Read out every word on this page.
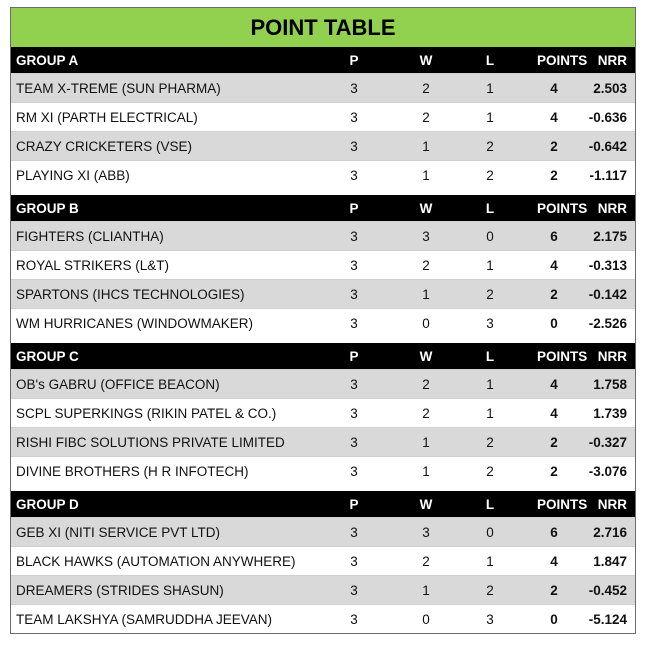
POINT TABLE
GROUP A	P	W	L	POINTS NRR
TEAM X-TREME (SUN PHARMA)	3	2	1	4	2.503
RM XI (PARTH ELECTRICAL)	3	2	1	4	-0.636
CRAZY CRICKETERS (VSE)	3	1	2	2	-0.642
PLAYING XI (ABB)	3	1	2	2	-1.117
GROUP B	P	W	L	POINTS NRR
FIGHTERS (CLIANTHA)	3	3	0	6	2.175
ROYAL STRIKERS (L&T)	3	2	1	4	-0.313
SPARTONS (IHCS TECHNOLOGIES)	3	1	2	2	-0.142
WM HURRICANES (WINDOWMAKER)	3	0	3	0	-2.526
GROUP C	P	W	L	POINTS NRR
OB's GABRU (OFFICE BEACON)	3	2	1	4	1.758
SCPL SUPERKINGS (RIKIN PATEL & CO.)	3	2	1	4	1.739
RISHI FIBC SOLUTIONS PRIVATE LIMITED	3	1	2	2	-0.327
DIVINE BROTHERS (H R INFOTECH)	3	1	2	2	-3.076
GROUP D	P	W	L	POINTS NRR
GEB XI (NITI SERVICE PVT LTD)	3	3	0	6	2.716
BLACK HAWKS (AUTOMATION ANYWHERE)	3	2	1	4	1.847
DREAMERS (STRIDES SHASUN)	3	1	2	2	-0.452
TEAM LAKSHYA (SAMRUDDHA JEEVAN)	3	0	3	0	-5.124
